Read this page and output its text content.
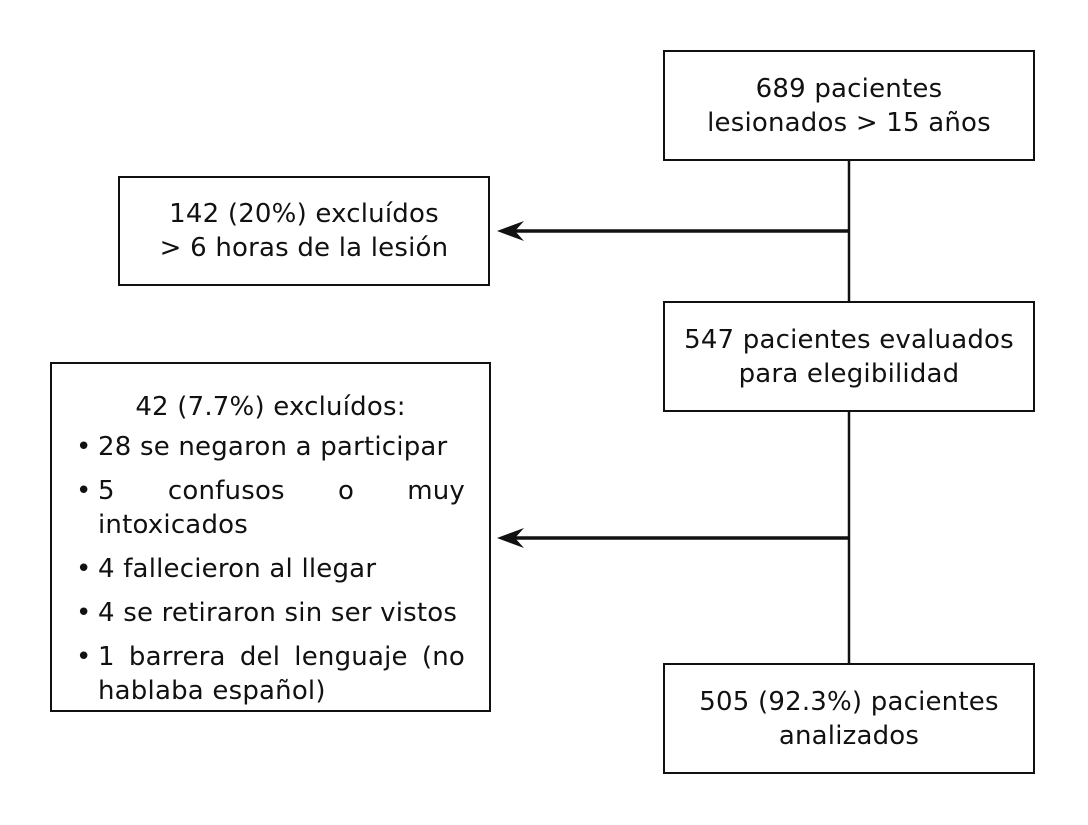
689 pacientes
lesionados > 15 años
142 (20%) excluídos
> 6 horas de la lesión
547 pacientes evaluados
para elegibilidad
42 (7.7%) excluídos:
• 28 se negaron a participar
• 5 confusos o muy intoxicados
• 4 fallecieron al llegar
• 4 se retiraron sin ser vistos
• 1 barrera del lenguaje (no hablaba español)	505 (92.3%) pacientes
analizados
